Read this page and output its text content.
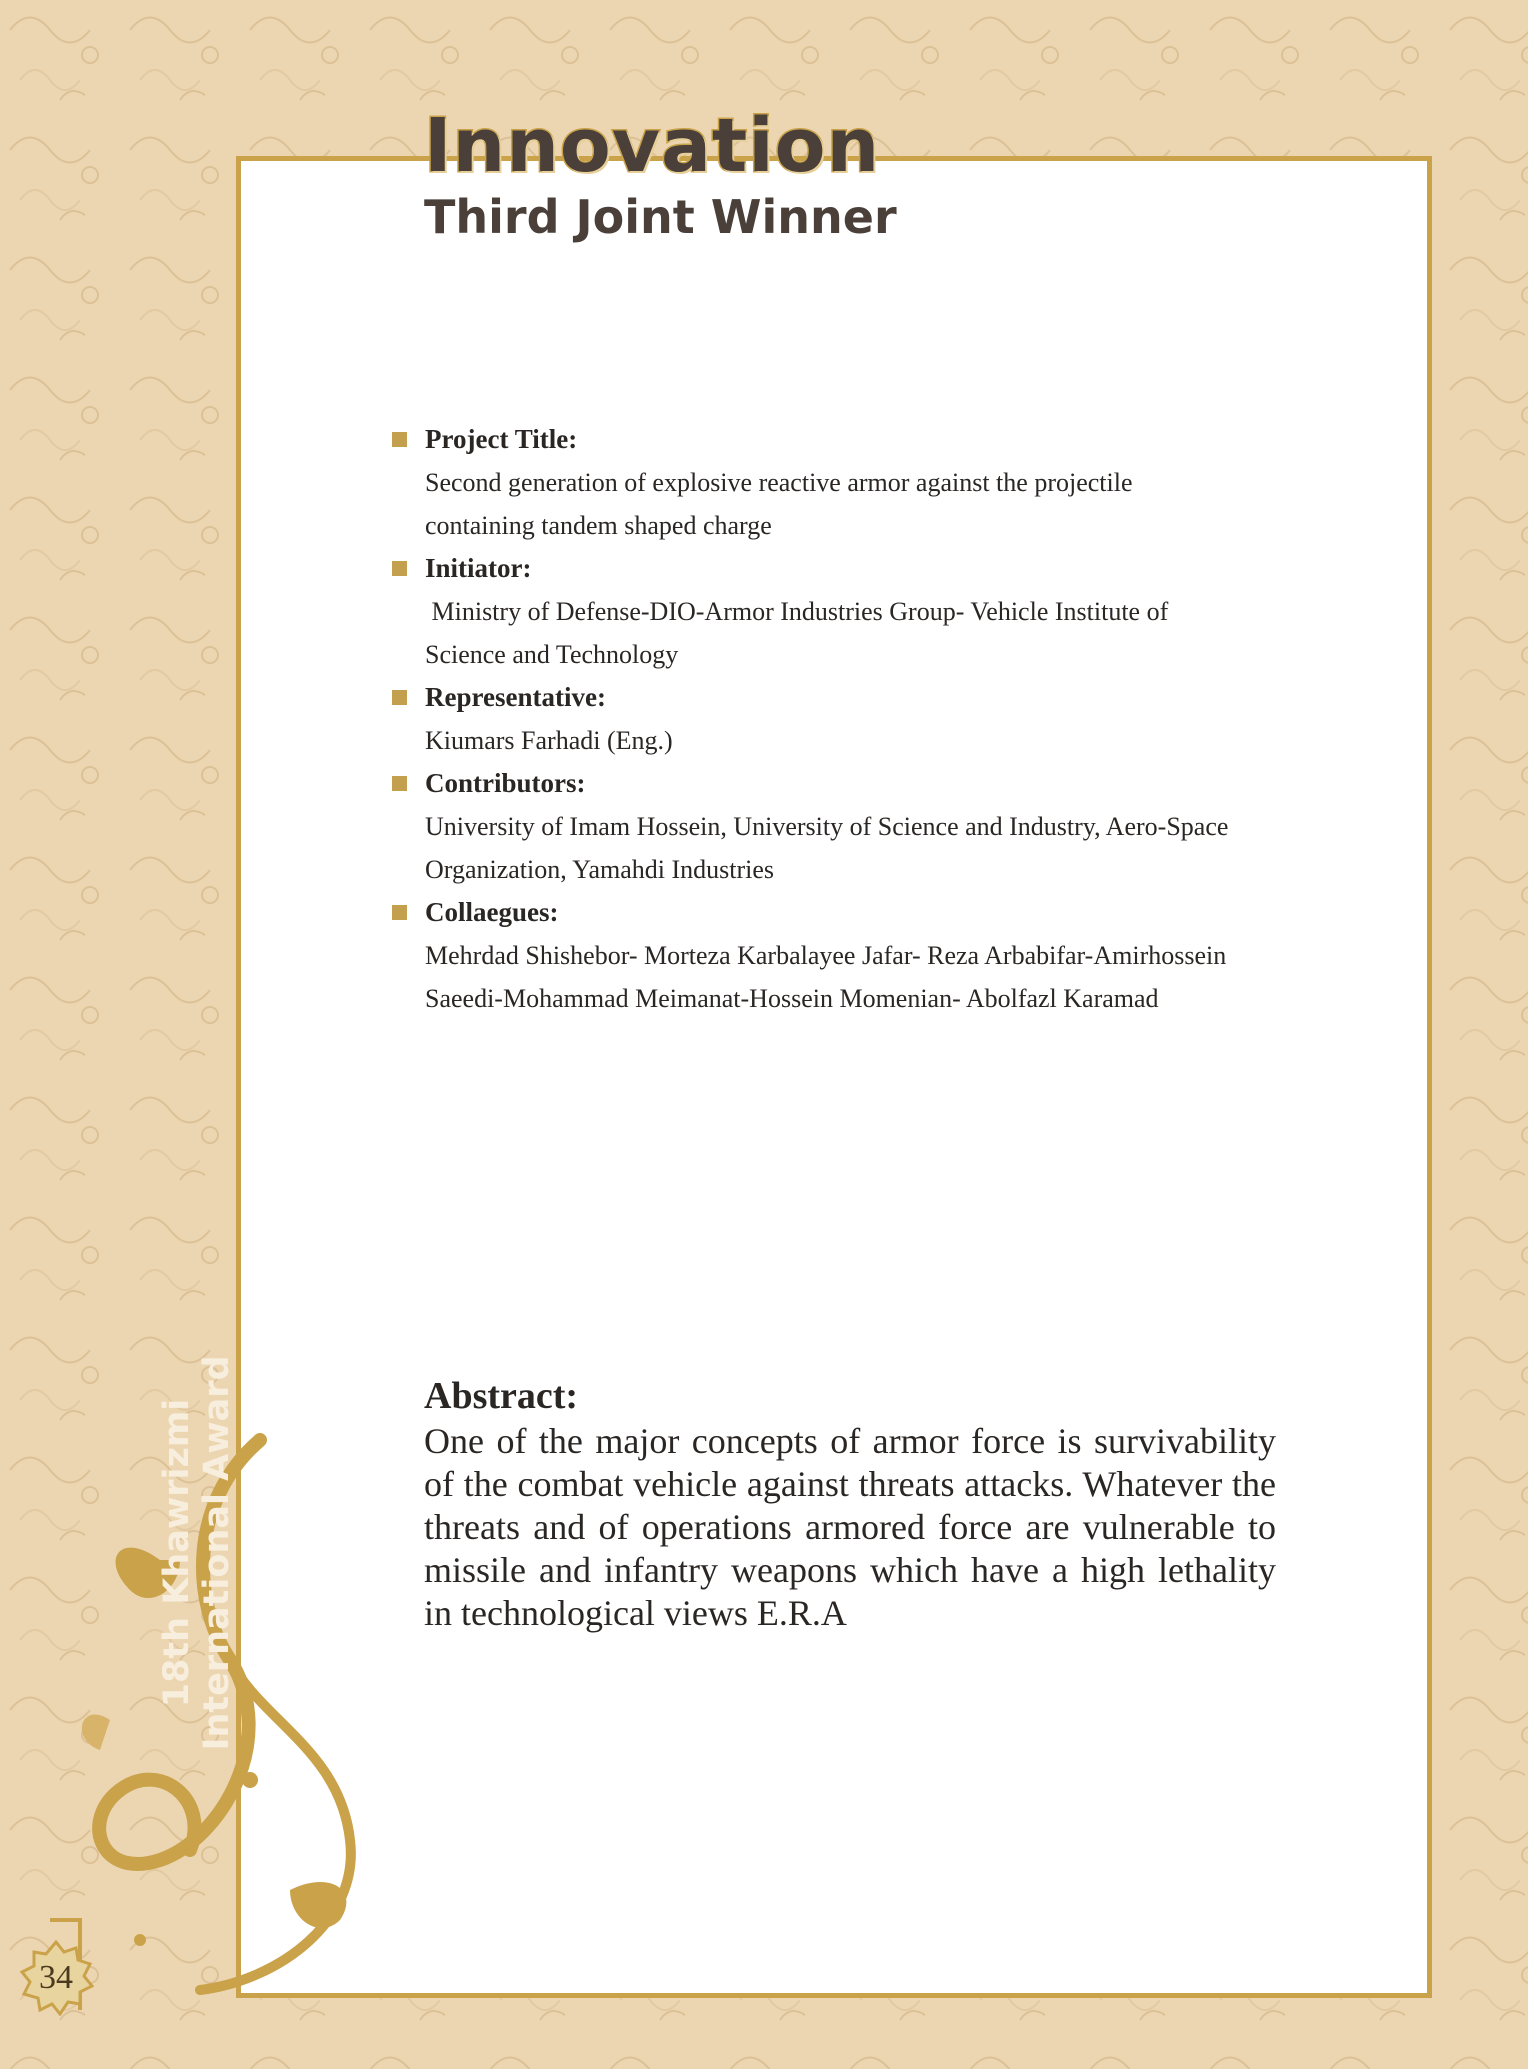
Innovation
Third Joint Winner

Project Title:

Second generation of explosive reactive armor against the projectile

containing tandem shaped charge

Initiator:

Ministry of Defense-DIO-Armor Industries Group- Vehicle Institute of

Science and Technology

Representative:

Kiumars Farhadi (Eng.)

Contributors:

University of Imam Hossein, University of Science and Industry, Aero-Space

Organization, Yamahdi Industries

Collaegues:

Mehrdad Shishebor- Morteza Karbalayee Jafar- Reza Arbabifar-Amirhossein

Saeedi-Mohammad Meimanat-Hossein Momenian- Abolfazl Karamad

Abstract:

One of the major concepts of armor force is survivability of the combat vehicle against threats attacks. Whatever the threats and of operations armored force are vulnerable to missile and infantry weapons which have a high lethality in technological views E.R.A

18th Khawrizmi International Award
34
